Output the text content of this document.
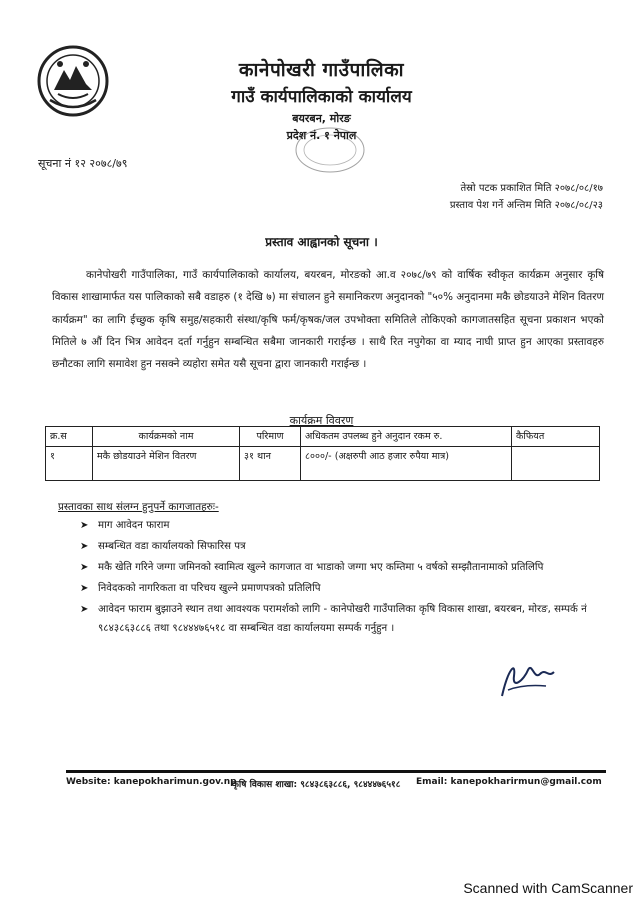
कानेपोखरी गाउँपालिका
गाउँ कार्यपालिकाको कार्यालय
बयरबन, मोरङ
प्रदेश नं. १ नेपाल
सूचना नं १२ २०७८/७९
तेस्रो पटक प्रकाशित मिति २०७८/०८/१७
प्रस्ताव पेश गर्ने अन्तिम मिति २०७८/०८/२३
प्रस्ताव आह्वानको सूचना ।
कानेपोखरी गाउँपालिका, गाउँ कार्यपालिकाको कार्यालय, बयरबन, मोरङको आ.व २०७८/७९ को वार्षिक स्वीकृत कार्यक्रम अनुसार कृषि विकास शाखामार्फत यस पालिकाको सबै वडाहरु (१ देखि ७) मा संचालन हुने समानिकरण अनुदानको "५०% अनुदानमा मकै छोडयाउने मेशिन वितरण कार्यक्रम" का लागि ईच्छुक कृषि समुह/सहकारी संस्था/कृषि फर्म/कृषक/जल उपभोक्ता समितिले तोकिएको कागजातसहित सूचना प्रकाशन भएको मितिले ७ औं दिन भित्र आवेदन दर्ता गर्नुहुन सम्बन्धित सबैमा जानकारी गराईन्छ । साथै रित नपुगेका वा म्याद नाघी प्राप्त हुन आएका प्रस्तावहरु छनौटका लागि समावेश हुन नसक्ने व्यहोरा समेत यसै सूचना द्वारा जानकारी गराईन्छ ।
कार्यक्रम विवरण
क्र.स	कार्यक्रमको नाम	परिमाण	अधिकतम उपलब्ध हुने अनुदान रकम रु.	कैफियत
१	मकै छोडयाउने मेशिन वितरण	३१ थान	८०००/- (अक्षरुपी आठ हजार रुपैया मात्र)	
प्रस्तावका साथ संलग्न हुनुपर्ने कागजातहरुः-
➤ माग आवेदन फाराम
➤ सम्बन्धित वडा कार्यालयको सिफारिस पत्र
➤ मकै खेति गरिने जग्गा जमिनको स्वामित्व खुल्ने कागजात वा भाडाको जग्गा भए कम्तिमा ५ वर्षको सम्झौतानामाको प्रतिलिपि
➤ निवेदकको नागरिकता वा परिचय खुल्ने प्रमाणपत्रको प्रतिलिपि
➤ आवेदन फाराम बुझाउने स्थान तथा आवश्यक परामर्शको लागि - कानेपोखरी गाउँपालिका कृषि विकास शाखा, बयरबन, मोरङ, सम्पर्क नं ९८४३८६३८८६ तथा ९८४४४७६५१८ वा सम्बन्धित वडा कार्यालयमा सम्पर्क गर्नुहुन ।
Website: kanepokharimun.gov.np
कृषि विकास शाखा: ९८४३८६३८८६, ९८४४४७६५१८ Email: kanepokharirmun@gmail.com
Scanned with CamScanner
